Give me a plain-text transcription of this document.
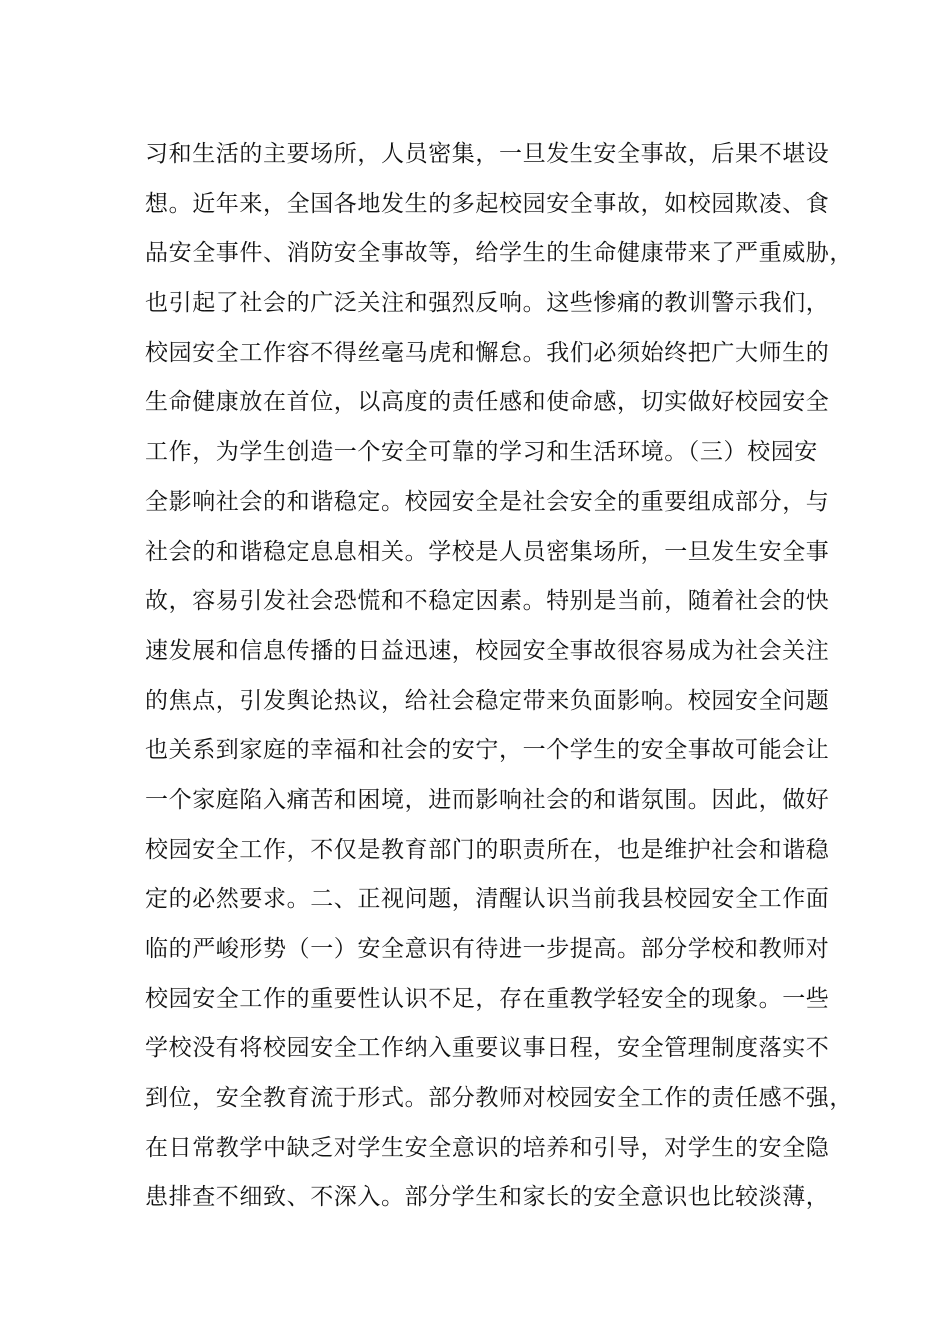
习和生活的主要场所，人员密集，一旦发生安全事故，后果不堪设
想。近年来，全国各地发生的多起校园安全事故，如校园欺凌、食
品安全事件、消防安全事故等，给学生的生命健康带来了严重威胁，
也引起了社会的广泛关注和强烈反响。这些惨痛的教训警示我们，
校园安全工作容不得丝毫马虎和懈怠。我们必须始终把广大师生的
生命健康放在首位，以高度的责任感和使命感，切实做好校园安全
工作，为学生创造一个安全可靠的学习和生活环境。（三）校园安
全影响社会的和谐稳定。校园安全是社会安全的重要组成部分，与
社会的和谐稳定息息相关。学校是人员密集场所，一旦发生安全事
故，容易引发社会恐慌和不稳定因素。特别是当前，随着社会的快
速发展和信息传播的日益迅速，校园安全事故很容易成为社会关注
的焦点，引发舆论热议，给社会稳定带来负面影响。校园安全问题
也关系到家庭的幸福和社会的安宁，一个学生的安全事故可能会让
一个家庭陷入痛苦和困境，进而影响社会的和谐氛围。因此，做好
校园安全工作，不仅是教育部门的职责所在，也是维护社会和谐稳
定的必然要求。二、正视问题，清醒认识当前我县校园安全工作面
临的严峻形势（一）安全意识有待进一步提高。部分学校和教师对
校园安全工作的重要性认识不足，存在重教学轻安全的现象。一些
学校没有将校园安全工作纳入重要议事日程，安全管理制度落实不
到位，安全教育流于形式。部分教师对校园安全工作的责任感不强，
在日常教学中缺乏对学生安全意识的培养和引导，对学生的安全隐
患排查不细致、不深入。部分学生和家长的安全意识也比较淡薄，
